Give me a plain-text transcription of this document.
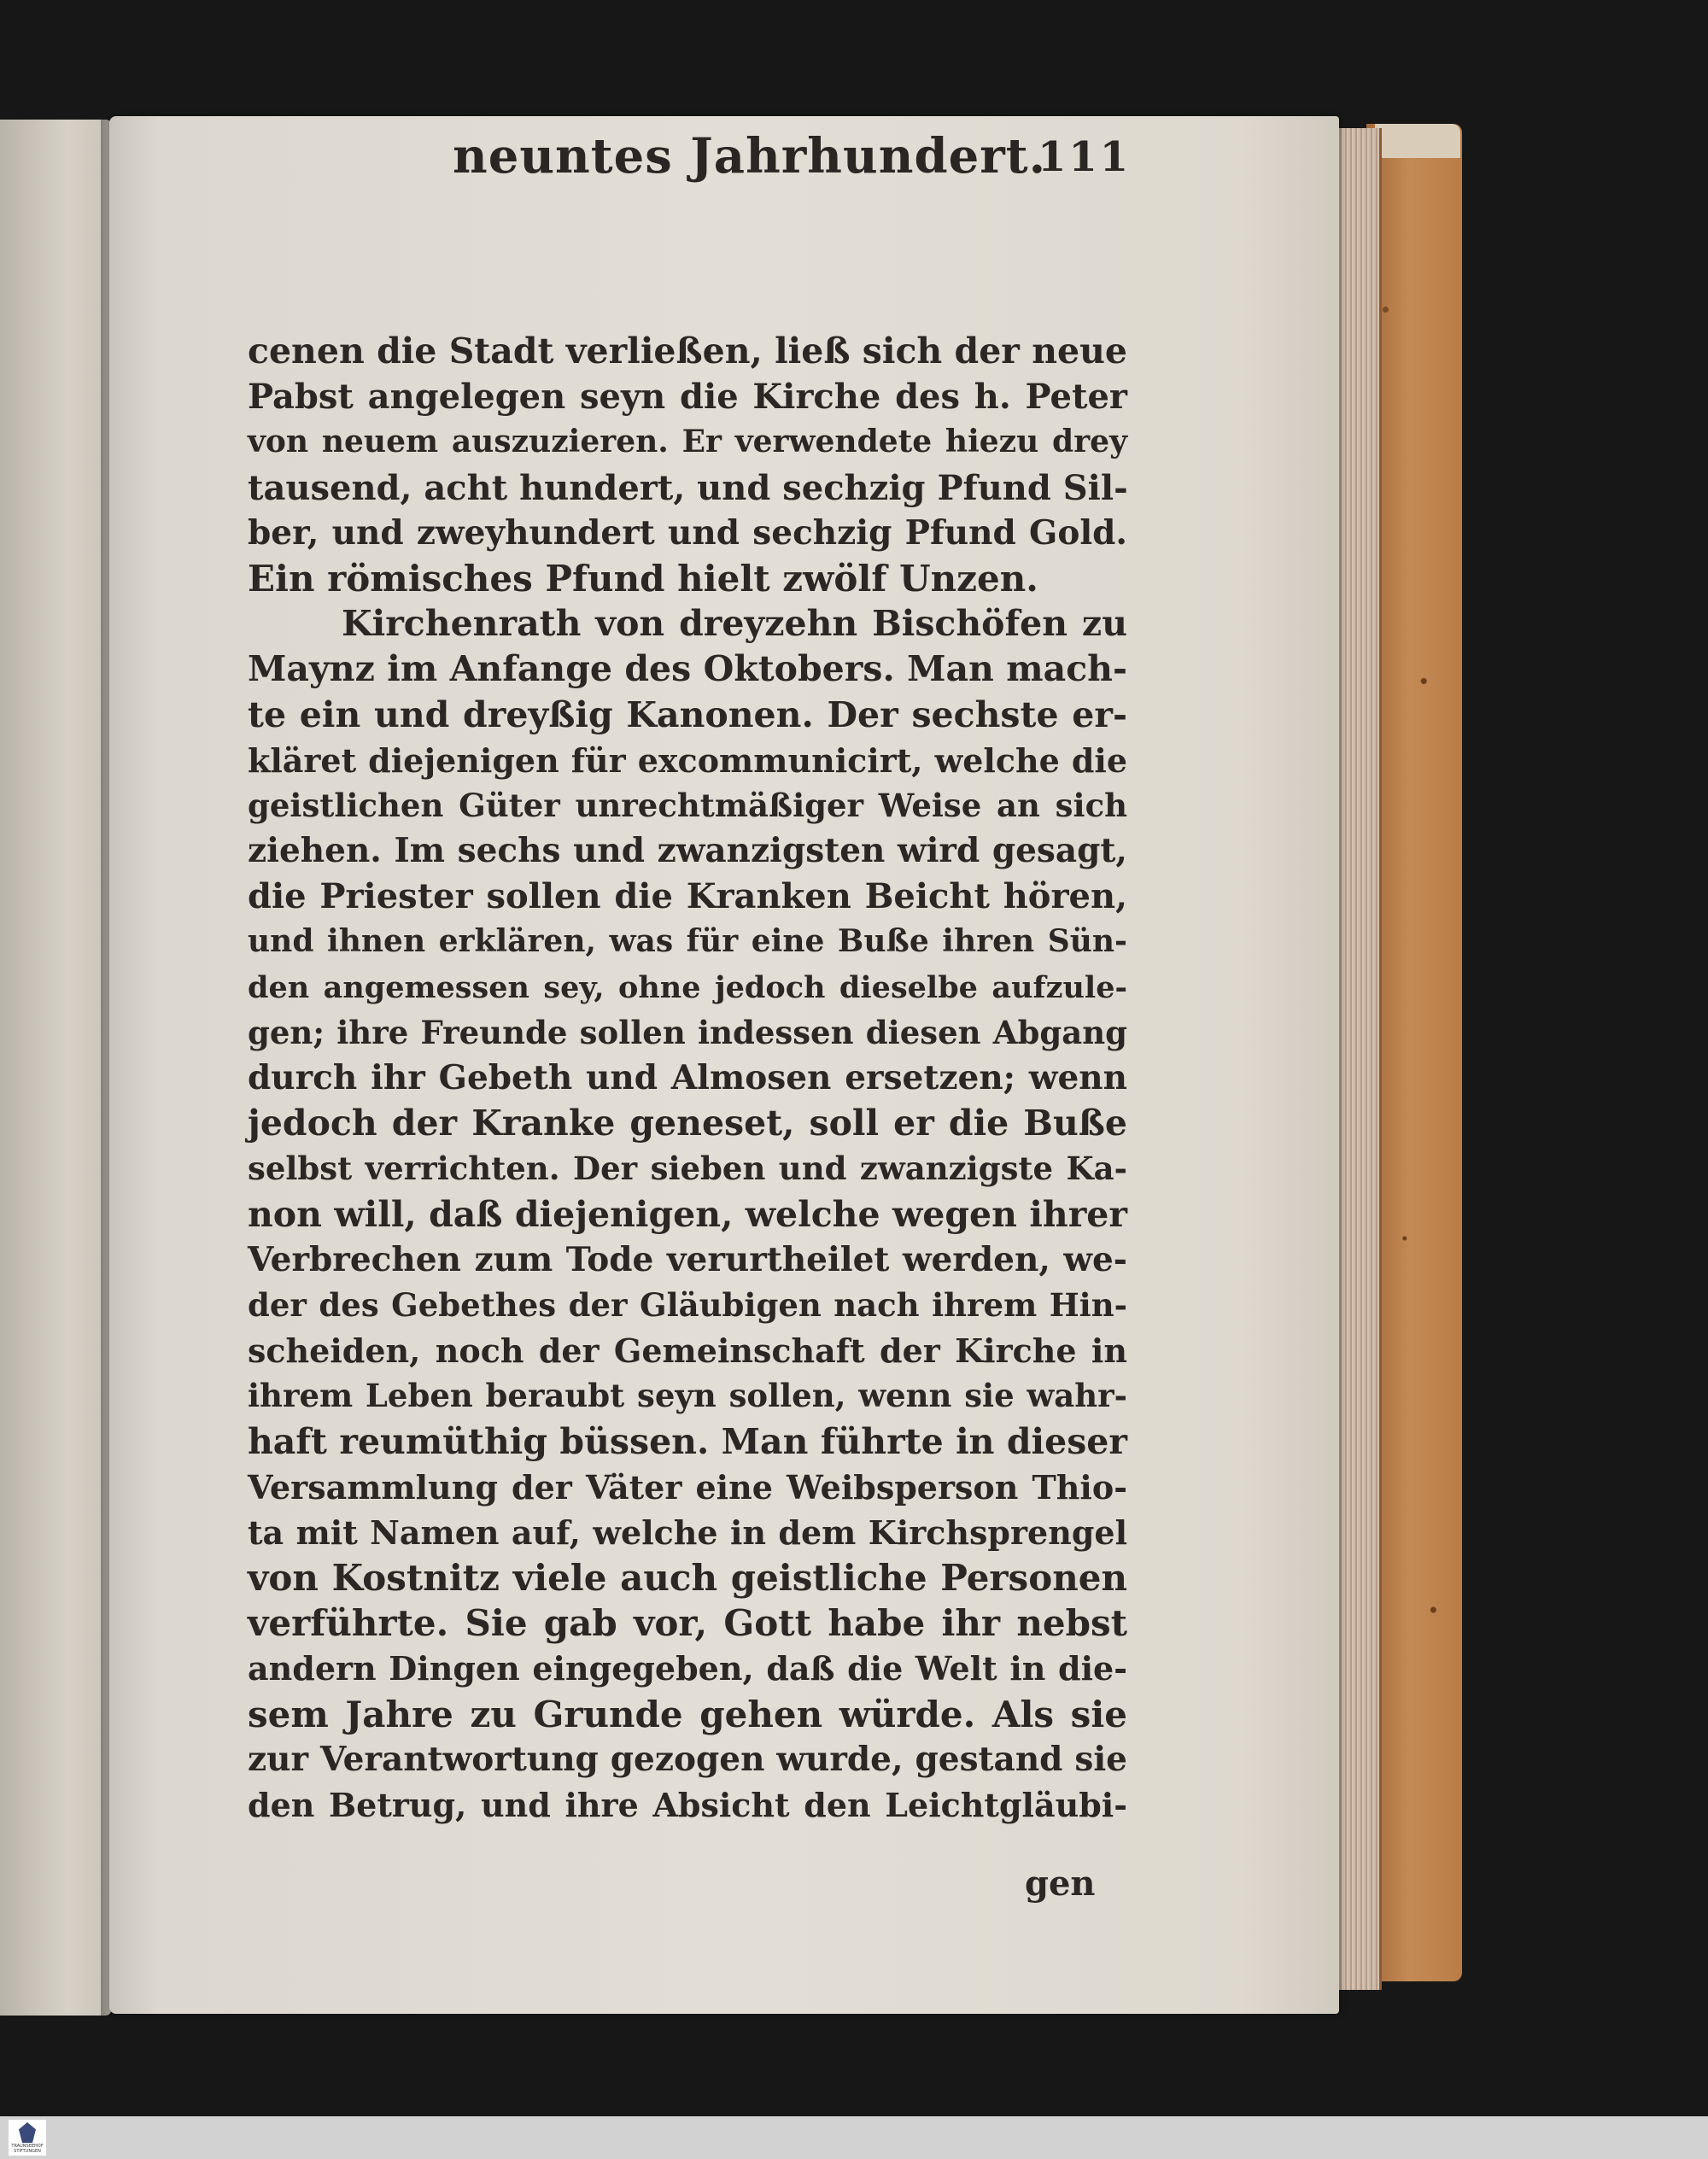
neuntes Jahrhundert.
111
cenen die Stadt verließen, ließ sich der neue
Pabst angelegen seyn die Kirche des h. Peter
von neuem auszuzieren. Er verwendete hiezu drey
tausend, acht hundert, und sechzig Pfund Sil-
ber, und zweyhundert und sechzig Pfund Gold.
Ein römisches Pfund hielt zwölf Unzen.
Kirchenrath von dreyzehn Bischöfen zu
Maynz im Anfange des Oktobers. Man mach-
te ein und dreyßig Kanonen. Der sechste er-
kläret diejenigen für excommunicirt, welche die
geistlichen Güter unrechtmäßiger Weise an sich
ziehen. Im sechs und zwanzigsten wird gesagt,
die Priester sollen die Kranken Beicht hören,
und ihnen erklären, was für eine Buße ihren Sün-
den angemessen sey, ohne jedoch dieselbe aufzule-
gen; ihre Freunde sollen indessen diesen Abgang
durch ihr Gebeth und Almosen ersetzen; wenn
jedoch der Kranke geneset, soll er die Buße
selbst verrichten. Der sieben und zwanzigste Ka-
non will, daß diejenigen, welche wegen ihrer
Verbrechen zum Tode verurtheilet werden, we-
der des Gebethes der Gläubigen nach ihrem Hin-
scheiden, noch der Gemeinschaft der Kirche in
ihrem Leben beraubt seyn sollen, wenn sie wahr-
haft reumüthig büssen. Man führte in dieser
Versammlung der Väter eine Weibsperson Thio-
ta mit Namen auf, welche in dem Kirchsprengel
von Kostnitz viele auch geistliche Personen
verführte. Sie gab vor, Gott habe ihr nebst
andern Dingen eingegeben, daß die Welt in die-
sem Jahre zu Grunde gehen würde. Als sie
zur Verantwortung gezogen wurde, gestand sie
den Betrug, und ihre Absicht den Leichtgläubi-
gen
TRAUNSEEHOF STIFTUNGEN
